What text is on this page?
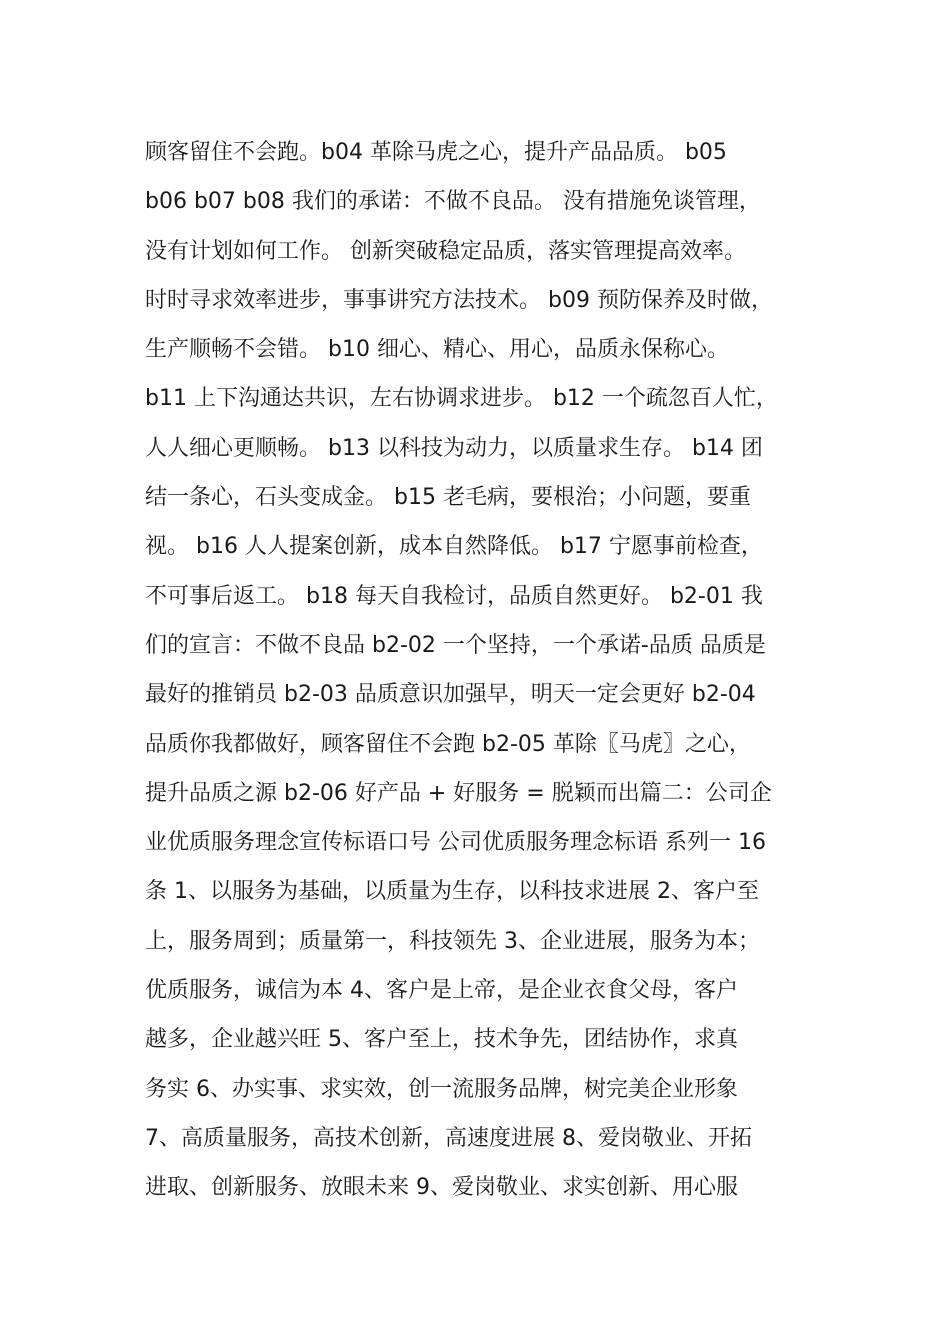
顾客留住不会跑。b04 革除马虎之心，提升产品品质。 b05
b06 b07 b08 我们的承诺：不做不良品。 没有措施免谈管理，
没有计划如何工作。 创新突破稳定品质，落实管理提高效率。
时时寻求效率进步，事事讲究方法技术。 b09 预防保养及时做，
生产顺畅不会错。 b10 细心、精心、用心，品质永保称心。
b11 上下沟通达共识，左右协调求进步。 b12 一个疏忽百人忙，
人人细心更顺畅。 b13 以科技为动力，以质量求生存。 b14 团
结一条心，石头变成金。 b15 老毛病，要根治；小问题，要重
视。 b16 人人提案创新，成本自然降低。 b17 宁愿事前检查，
不可事后返工。 b18 每天自我检讨，品质自然更好。 b2-01 我
们的宣言：不做不良品 b2-02 一个坚持，一个承诺-品质 品质是
最好的推销员 b2-03 品质意识加强早，明天一定会更好 b2-04
品质你我都做好，顾客留住不会跑 b2-05 革除〖马虎〗之心，
提升品质之源 b2-06 好产品 + 好服务 = 脱颖而出篇二：公司企
业优质服务理念宣传标语口号 公司优质服务理念标语 系列一 16
条 1、以服务为基础，以质量为生存，以科技求进展 2、客户至
上，服务周到；质量第一，科技领先 3、企业进展，服务为本；
优质服务，诚信为本 4、客户是上帝，是企业衣食父母，客户
越多，企业越兴旺 5、客户至上，技术争先，团结协作，求真
务实 6、办实事、求实效，创一流服务品牌，树完美企业形象
7、高质量服务，高技术创新，高速度进展 8、爱岗敬业、开拓
进取、创新服务、放眼未来 9、爱岗敬业、求实创新、用心服
